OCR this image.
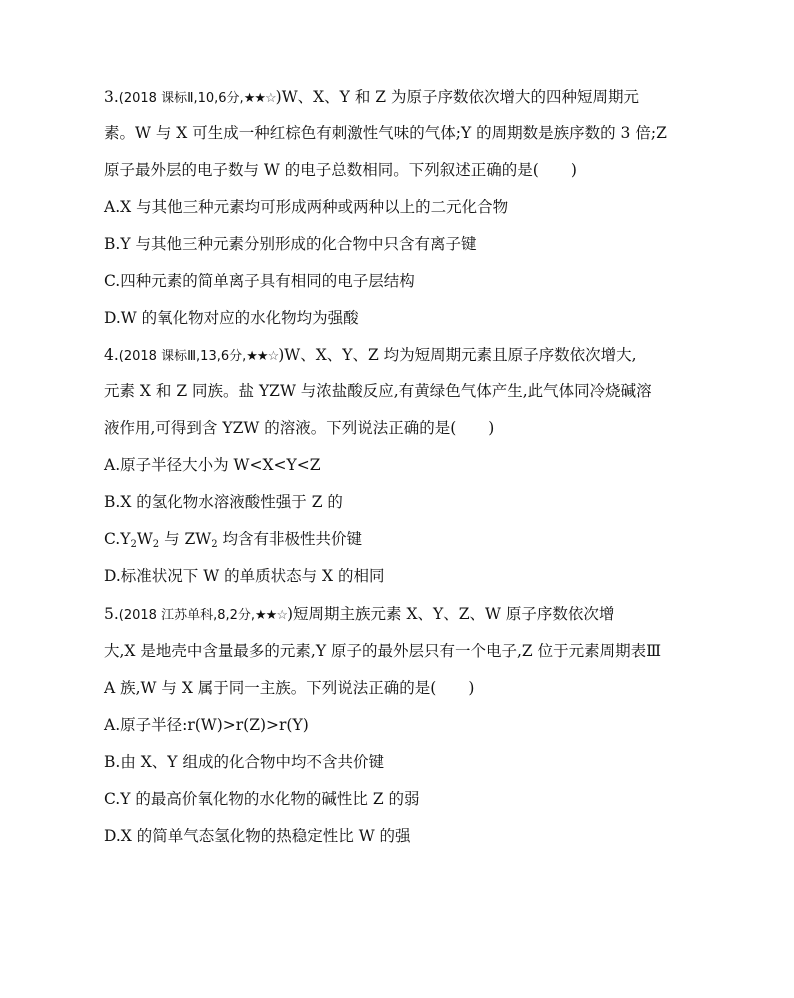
3.(2018 课标Ⅱ,10,6分,★★☆)W、X、Y 和 Z 为原子序数依次增大的四种短周期元
素。W 与 X 可生成一种红棕色有刺激性气味的气体;Y 的周期数是族序数的 3 倍;Z
原子最外层的电子数与 W 的电子总数相同。下列叙述正确的是( )
A.X 与其他三种元素均可形成两种或两种以上的二元化合物
B.Y 与其他三种元素分别形成的化合物中只含有离子键
C.四种元素的简单离子具有相同的电子层结构
D.W 的氧化物对应的水化物均为强酸
4.(2018 课标Ⅲ,13,6分,★★☆)W、X、Y、Z 均为短周期元素且原子序数依次增大,
元素 X 和 Z 同族。盐 YZW 与浓盐酸反应,有黄绿色气体产生,此气体同冷烧碱溶
液作用,可得到含 YZW 的溶液。下列说法正确的是( )
A.原子半径大小为 W<X<Y<Z
B.X 的氢化物水溶液酸性强于 Z 的
$C.Y_2W_2$ 与 $ZW_2$ 均含有非极性共价键
D.标准状况下 W 的单质状态与 X 的相同
5.(2018 江苏单科,8,2分,★★☆)短周期主族元素 X、Y、Z、W 原子序数依次增
大,X 是地壳中含量最多的元素,Y 原子的最外层只有一个电子,Z 位于元素周期表Ⅲ
A 族,W 与 X 属于同一主族。下列说法正确的是( )
A.原子半径:r(W)>r(Z)>r(Y)
B.由 X、Y 组成的化合物中均不含共价键
C.Y 的最高价氧化物的水化物的碱性比 Z 的弱
D.X 的简单气态氢化物的热稳定性比 W 的强
